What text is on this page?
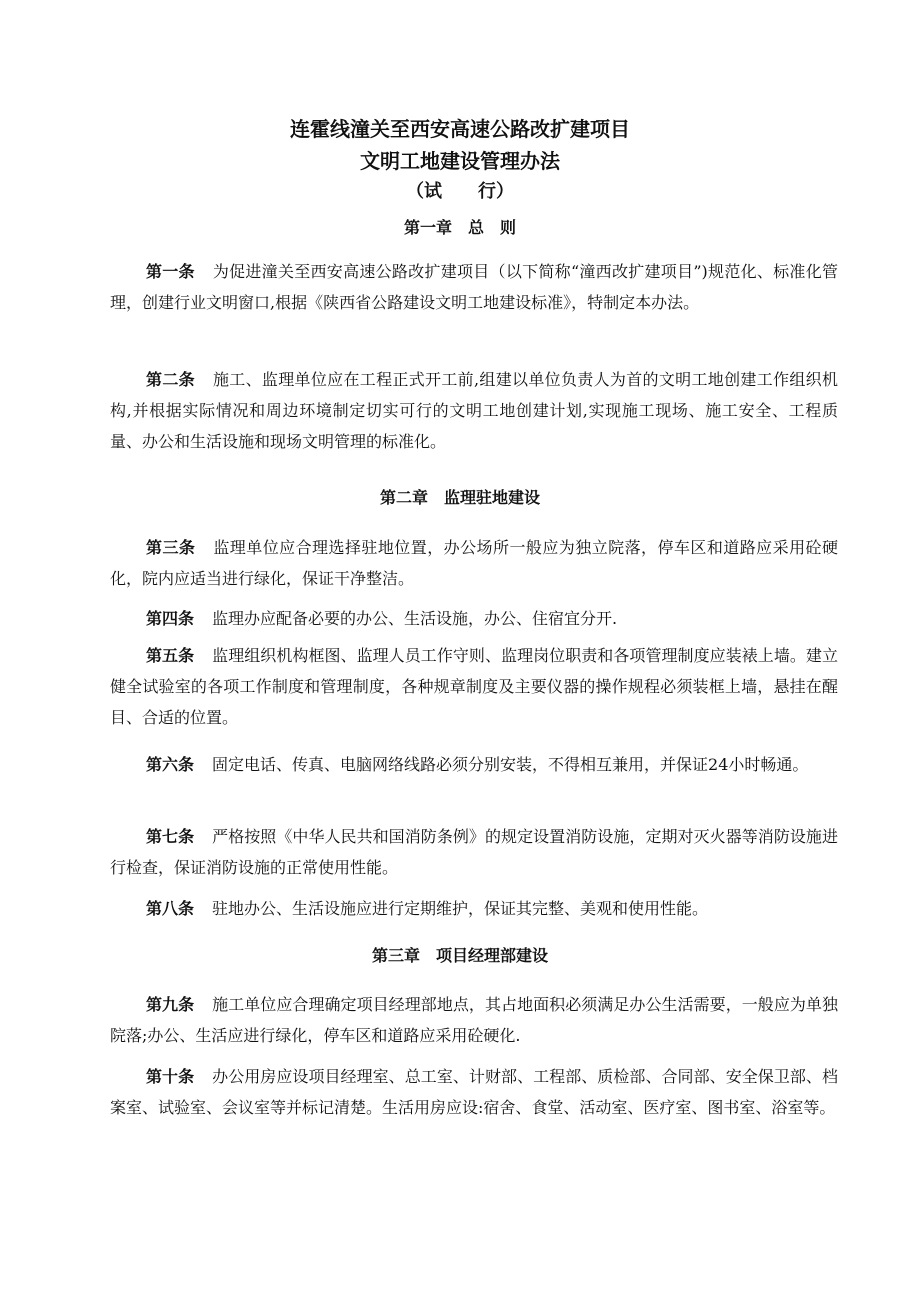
连霍线潼关至西安高速公路改扩建项目
文明工地建设管理办法
（试　　行）
第一章　总　则

第一条 为促进潼关至西安高速公路改扩建项目（以下简称“潼西改扩建项目”)规范化、标准化管理，创建行业文明窗口,根据《陕西省公路建设文明工地建设标准》，特制定本办法。

第二条 施工、监理单位应在工程正式开工前,组建以单位负责人为首的文明工地创建工作组织机构,并根据实际情况和周边环境制定切实可行的文明工地创建计划,实现施工现场、施工安全、工程质量、办公和生活设施和现场文明管理的标准化。

第二章　监理驻地建设

第三条 监理单位应合理选择驻地位置，办公场所一般应为独立院落，停车区和道路应采用砼硬化，院内应适当进行绿化，保证干净整洁。

第四条 监理办应配备必要的办公、生活设施，办公、住宿宜分开.

第五条 监理组织机构框图、监理人员工作守则、监理岗位职责和各项管理制度应装裱上墙。建立健全试验室的各项工作制度和管理制度，各种规章制度及主要仪器的操作规程必须装框上墙，悬挂在醒目、合适的位置。

第六条 固定电话、传真、电脑网络线路必须分别安装，不得相互兼用，并保证24小时畅通。

第七条 严格按照《中华人民共和国消防条例》的规定设置消防设施，定期对灭火器等消防设施进行检查，保证消防设施的正常使用性能。

第八条 驻地办公、生活设施应进行定期维护，保证其完整、美观和使用性能。

第三章　项目经理部建设

第九条 施工单位应合理确定项目经理部地点，其占地面积必须满足办公生活需要，一般应为单独院落;办公、生活应进行绿化，停车区和道路应采用砼硬化.

第十条 办公用房应设项目经理室、总工室、计财部、工程部、质检部、合同部、安全保卫部、档案室、试验室、会议室等并标记清楚。生活用房应设:宿舍、食堂、活动室、医疗室、图书室、浴室等。
